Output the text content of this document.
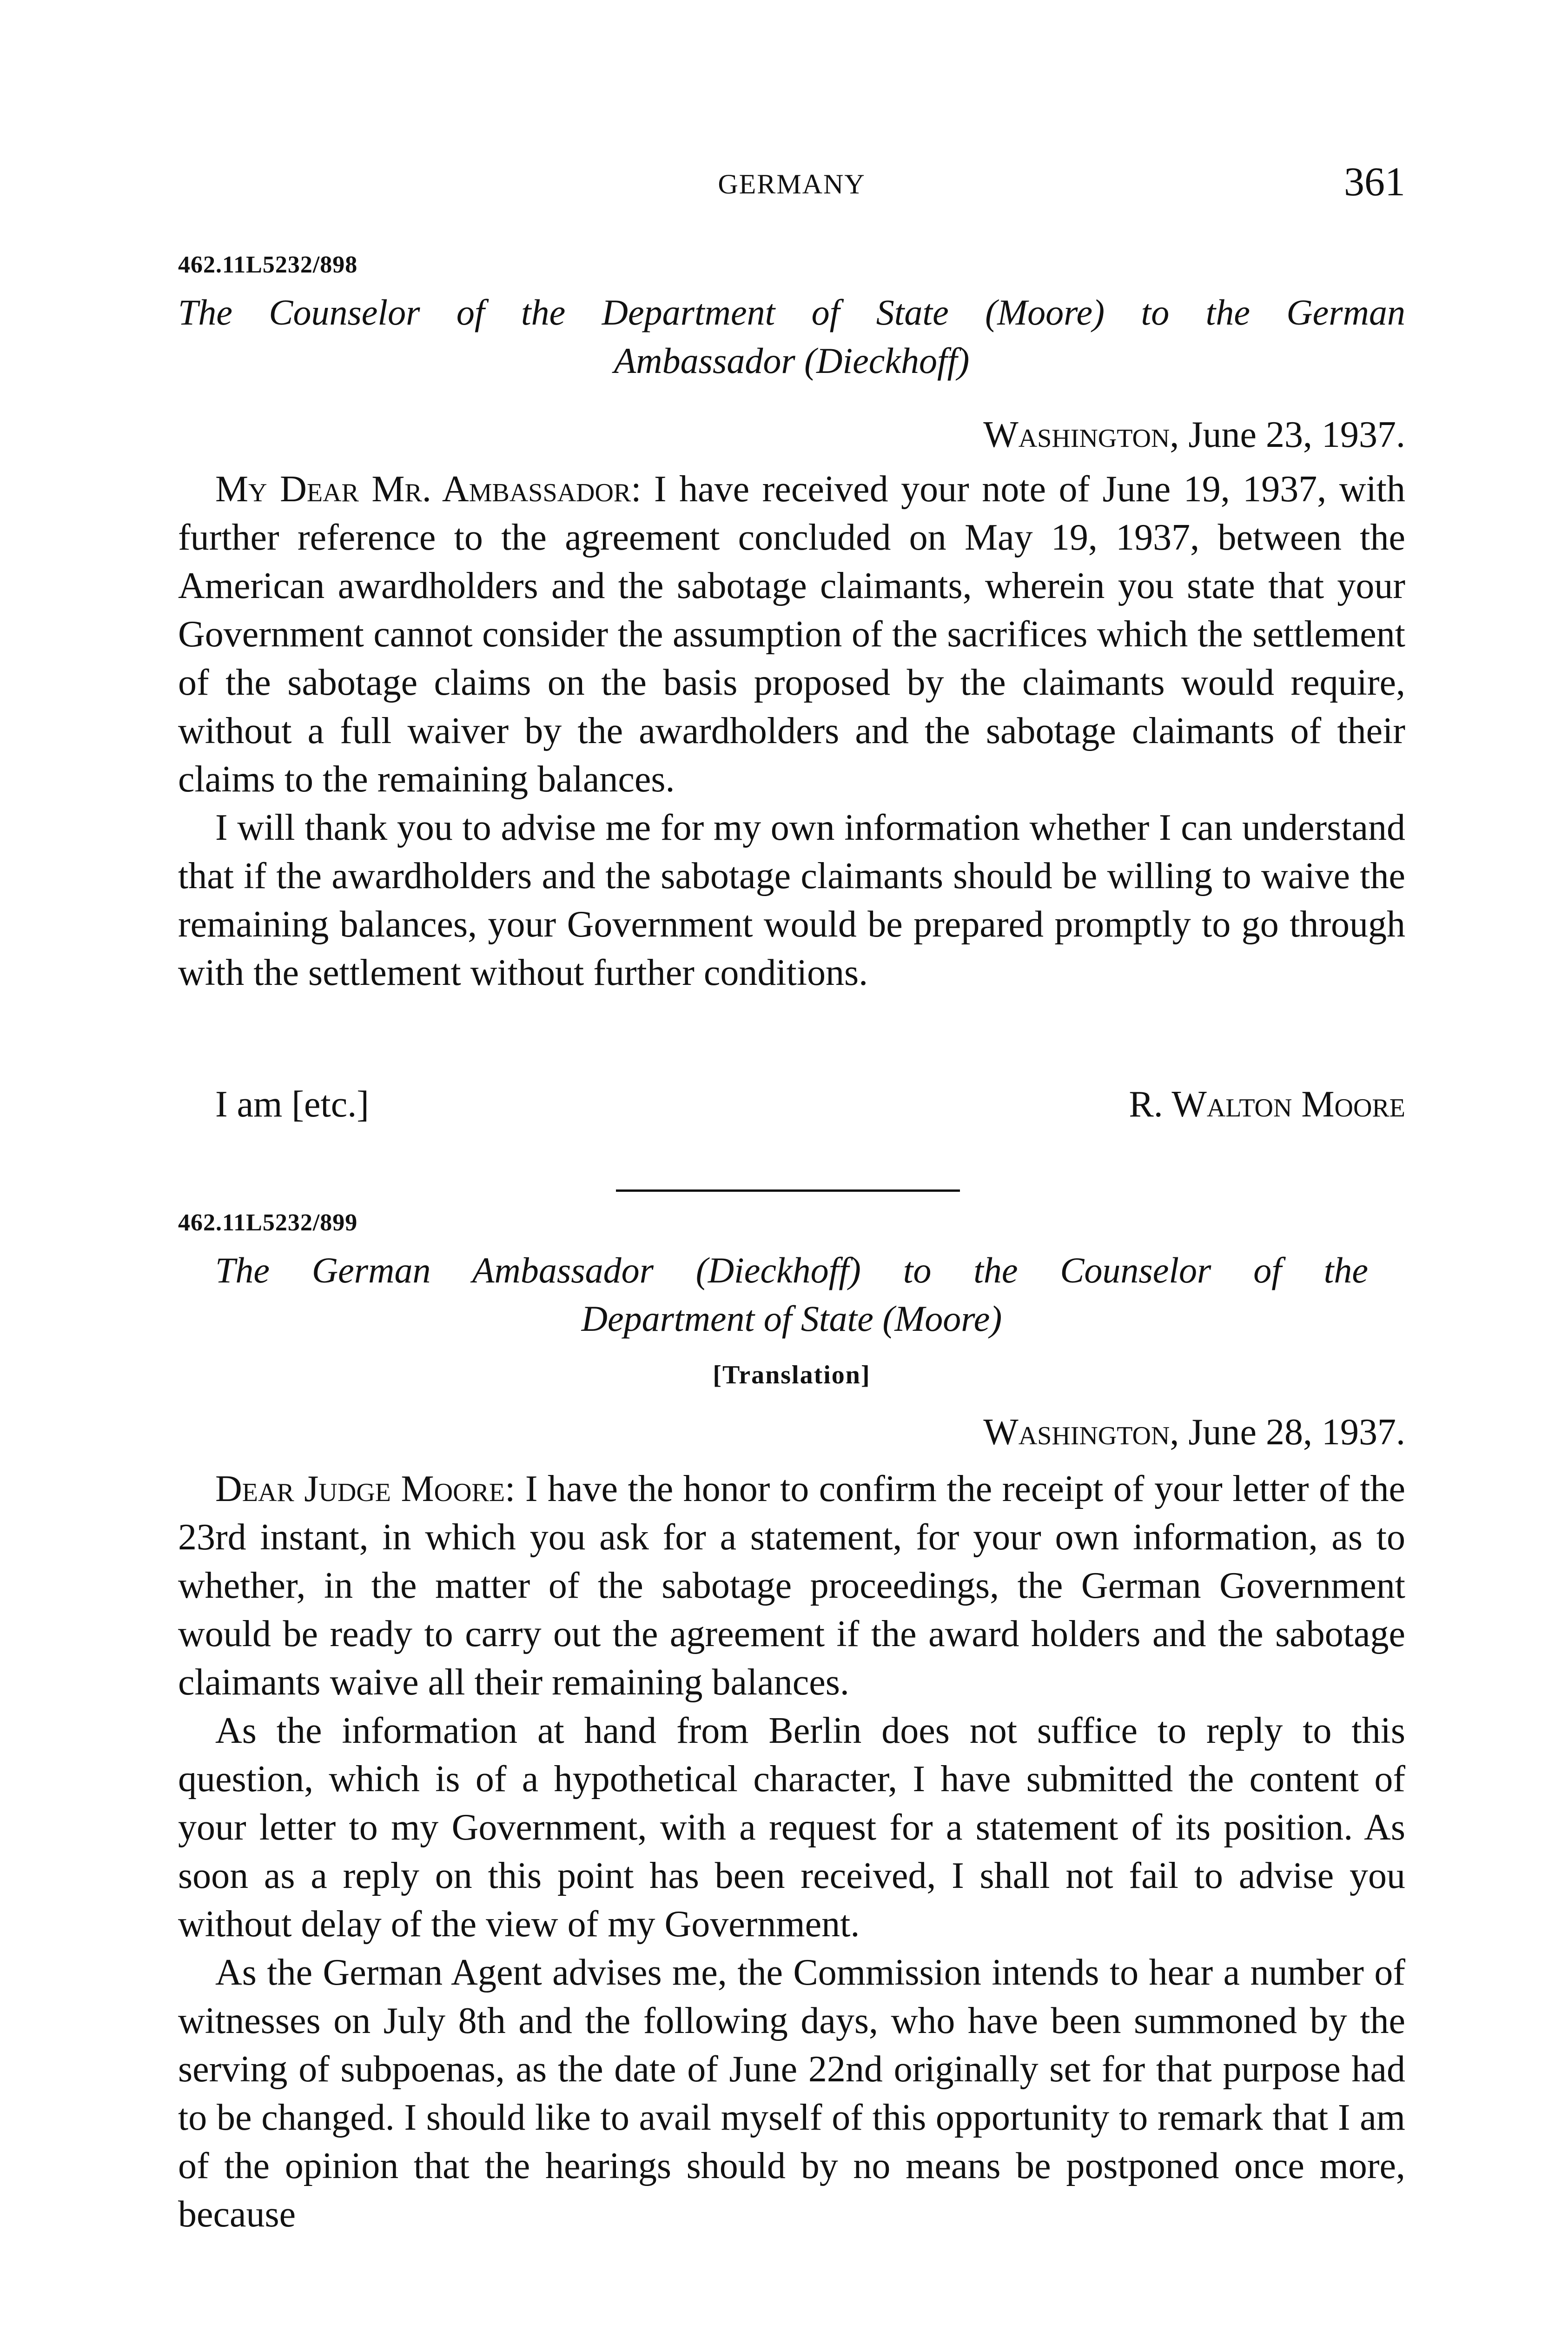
GERMANY	361
462.11L5232/898
The Counselor of the Department of State (Moore) to the German
Ambassador (Dieckhoff)
Washington, June 23, 1937.

My Dear Mr. Ambassador: I have received your note of June 19, 1937, with further reference to the agreement concluded on May 19, 1937, between the American awardholders and the sabotage claimants, wherein you state that your Government cannot consider the assumption of the sacrifices which the settlement of the sabotage claims on the basis proposed by the claimants would require, without a full waiver by the awardholders and the sabotage claimants of their claims to the remaining balances.

I will thank you to advise me for my own information whether I can understand that if the awardholders and the sabotage claimants should be willing to waive the remaining balances, your Government would be prepared promptly to go through with the settlement without further conditions.

I am [etc.]	R. Walton Moore
462.11L5232/899
The German Ambassador (Dieckhoff) to the Counselor of the
Department of State (Moore)
[Translation]
Washington, June 28, 1937.

Dear Judge Moore: I have the honor to confirm the receipt of your letter of the 23rd instant, in which you ask for a statement, for your own information, as to whether, in the matter of the sabotage proceedings, the German Government would be ready to carry out the agreement if the award holders and the sabotage claimants waive all their remaining balances.

As the information at hand from Berlin does not suffice to reply to this question, which is of a hypothetical character, I have submitted the content of your letter to my Government, with a request for a statement of its position. As soon as a reply on this point has been received, I shall not fail to advise you without delay of the view of my Government.

As the German Agent advises me, the Commission intends to hear a number of witnesses on July 8th and the following days, who have been summoned by the serving of subpoenas, as the date of June 22nd originally set for that purpose had to be changed. I should like to avail myself of this opportunity to remark that I am of the opinion that the hearings should by no means be postponed once more, because
